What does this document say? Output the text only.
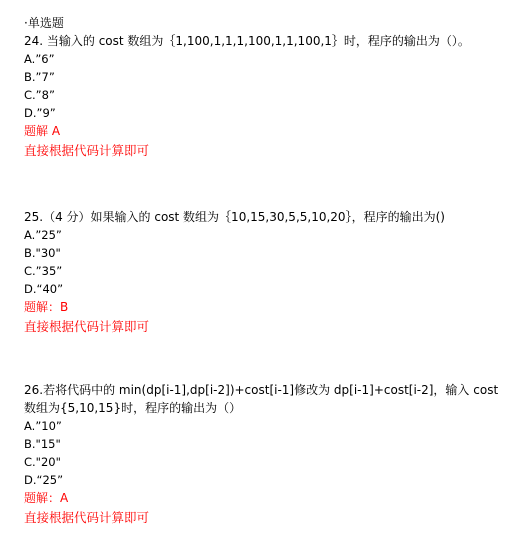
·单选题

24. 当输入的 cost 数组为｛1,100,1,1,1,100,1,1,100,1｝时，程序的输出为（）。

A.”6”

B.”7”

C.”8”

D.”9”

题解 A

直接根据代码计算即可

25.（4 分）如果输入的 cost 数组为｛10,15,30,5,5,10,20｝，程序的输出为()

A.”25”

B."30"

C.”35”

D.“40”

题解：B

直接根据代码计算即可

26.若将代码中的 min(dp[i-1],dp[i-2])+cost[i-1]修改为 dp[i-1]+cost[i-2]，输入 cost 数组为{5,10,15}时，程序的输出为（）

A.”10”

B."15"

C."20"

D.“25”

题解：A

直接根据代码计算即可
